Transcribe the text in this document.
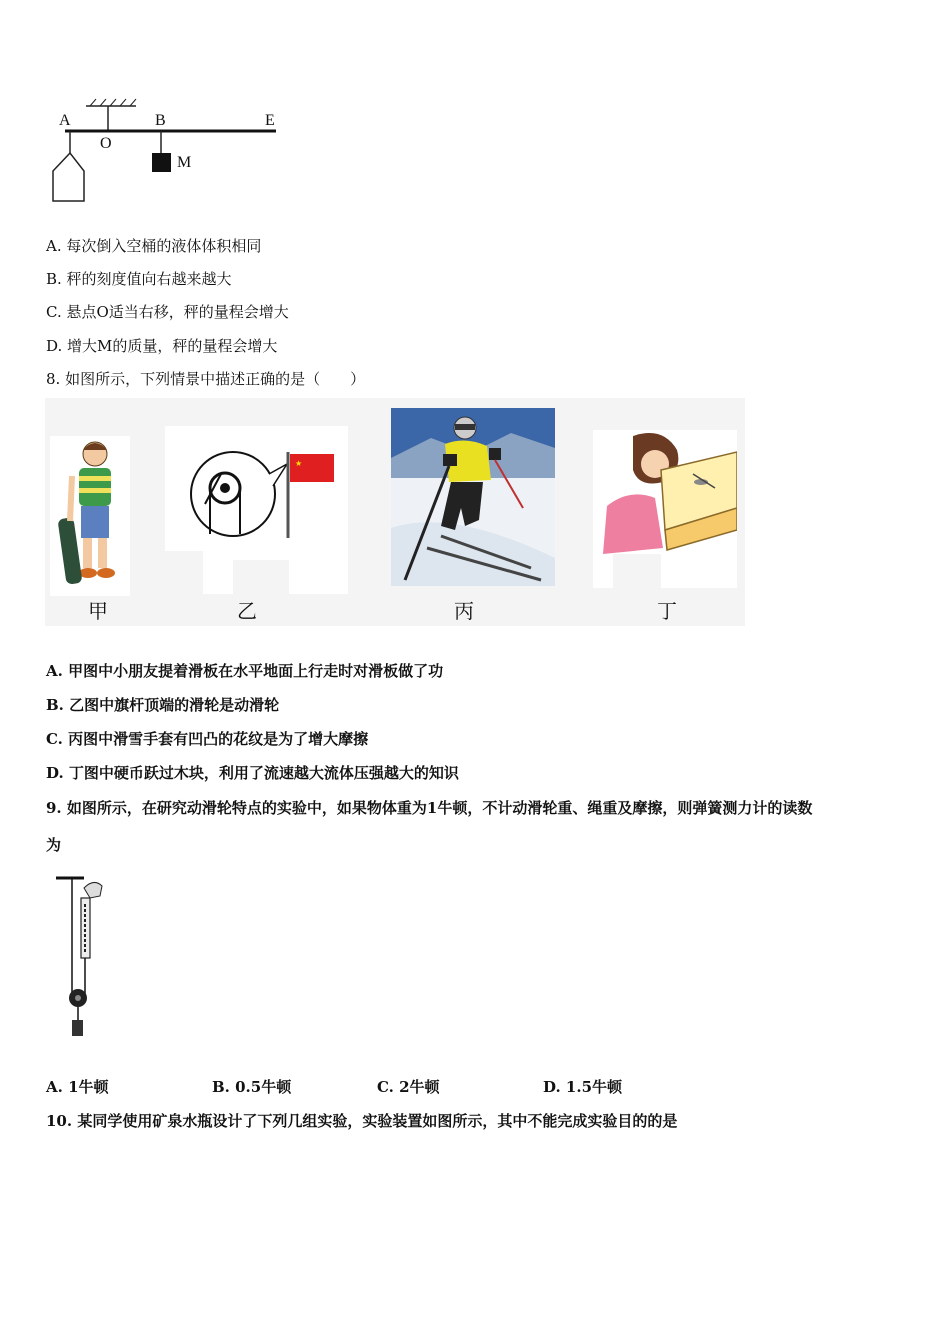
A
O
B	E
M
A. 每次倒入空桶的液体体积相同
B. 秤的刻度值向右越来越大
C. 悬点O适当右移，秤的量程会增大
D. 增大M的质量，秤的量程会增大
8. 如图所示，下列情景中描述正确的是（　　）
★
甲	乙	丙	丁
A. 甲图中小朋友提着滑板在水平地面上行走时对滑板做了功
B. 乙图中旗杆顶端的滑轮是动滑轮
C. 丙图中滑雪手套有凹凸的花纹是为了增大摩擦
D. 丁图中硬币跃过木块，利用了流速越大流体压强越大的知识
9. 如图所示，在研究动滑轮特点的实验中，如果物体重为1牛顿，不计动滑轮重、绳重及摩擦，则弹簧测力计的读数
为
A. 1牛顿	B. 0.5牛顿	C. 2牛顿	D. 1.5牛顿
10. 某同学使用矿泉水瓶设计了下列几组实验，实验装置如图所示，其中不能完成实验目的的是
